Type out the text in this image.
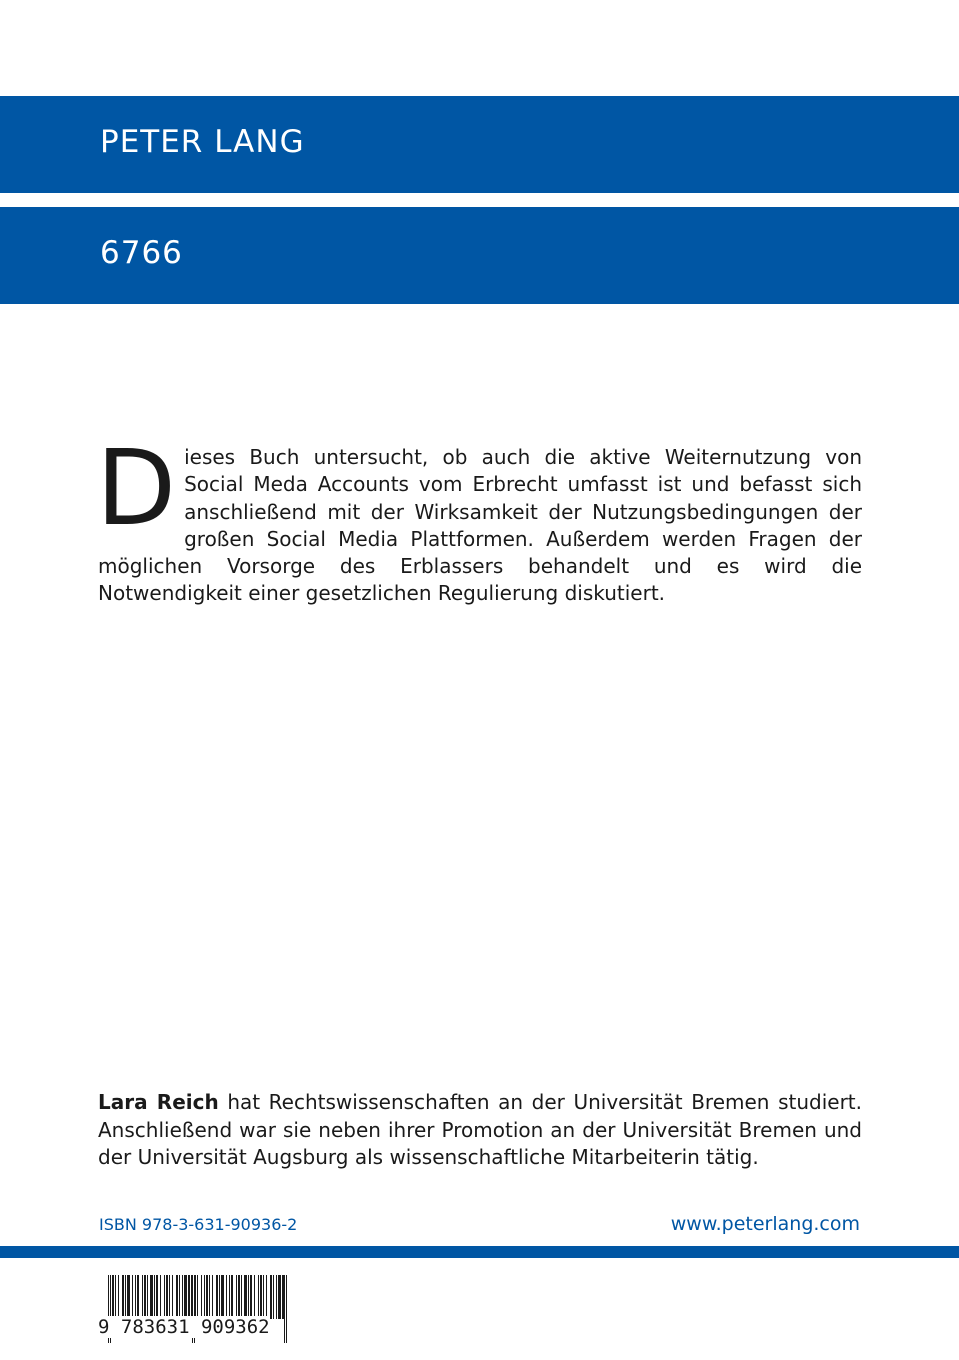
PETER LANG
6766

Dieses Buch untersucht, ob auch die aktive Weiternutzung von Social Meda Accounts vom Erbrecht umfasst ist und befasst sich anschließend mit der Wirksamkeit der Nutzungsbedingungen der großen Social Media Plattformen. Außerdem werden Fragen der möglichen Vorsorge des Erblassers behandelt und es wird die Notwendigkeit einer gesetzlichen Regulierung diskutiert.

Lara Reich hat Rechtswissenschaften an der Universität Bremen studiert. Anschließend war sie neben ihrer Promotion an der Universität Bremen und der Universität Augsburg als wissenschaftliche Mitarbeiterin tätig.

ISBN 978-3-631-90936-2	www.peterlang.com
9 783631 909362
